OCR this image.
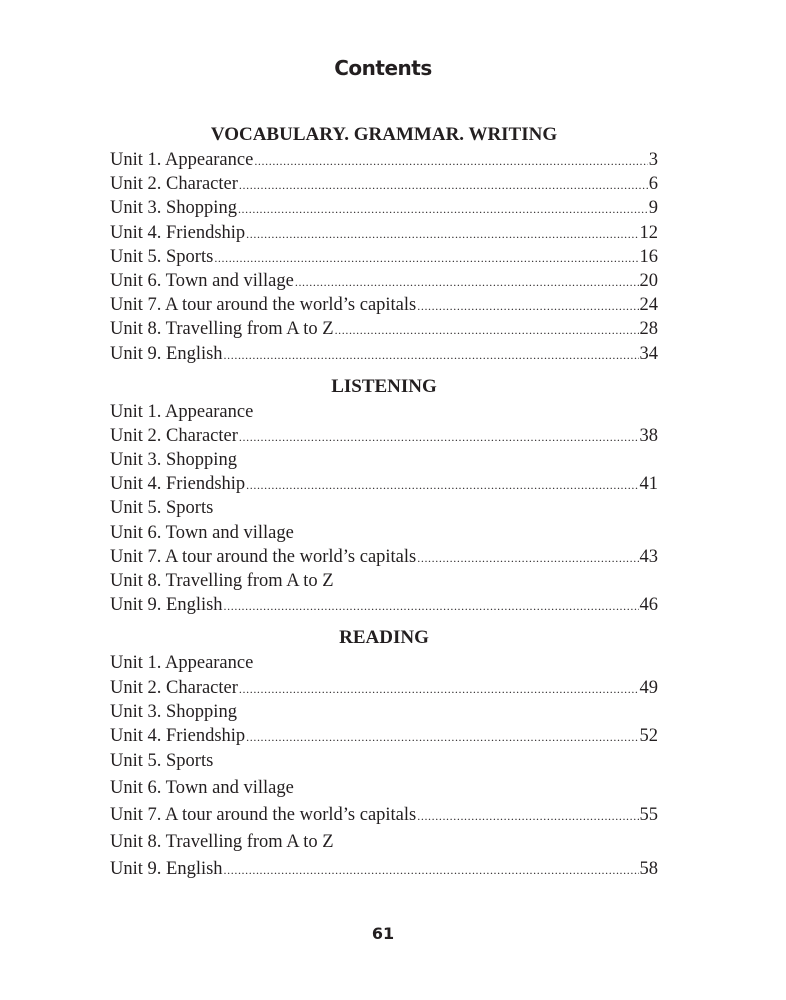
Contents
VOCABULARY. GRAMMAR. WRITING
Unit 1. Appearance .....	3
Unit 2. Character .....	6
Unit 3. Shopping .....	9
Unit 4. Friendship .....	12
Unit 5. Sports .....	16
Unit 6. Town and village .....	20
Unit 7. A tour around the world’s capitals .....	24
Unit 8. Travelling from A to Z .....	28
Unit 9. English .....	34
LISTENING
Unit 1. Appearance
Unit 2. Character .....	38
Unit 3. Shopping
Unit 4. Friendship .....	41
Unit 5. Sports
Unit 6. Town and village
Unit 7. A tour around the world’s capitals .....	43
Unit 8. Travelling from A to Z
Unit 9. English .....	46
READING
Unit 1. Appearance
Unit 2. Character .....	49
Unit 3. Shopping
Unit 4. Friendship .....	52
Unit 5. Sports
Unit 6. Town and village
Unit 7. A tour around the world’s capitals .....	55
Unit 8. Travelling from A to Z
Unit 9. English .....	58
61
